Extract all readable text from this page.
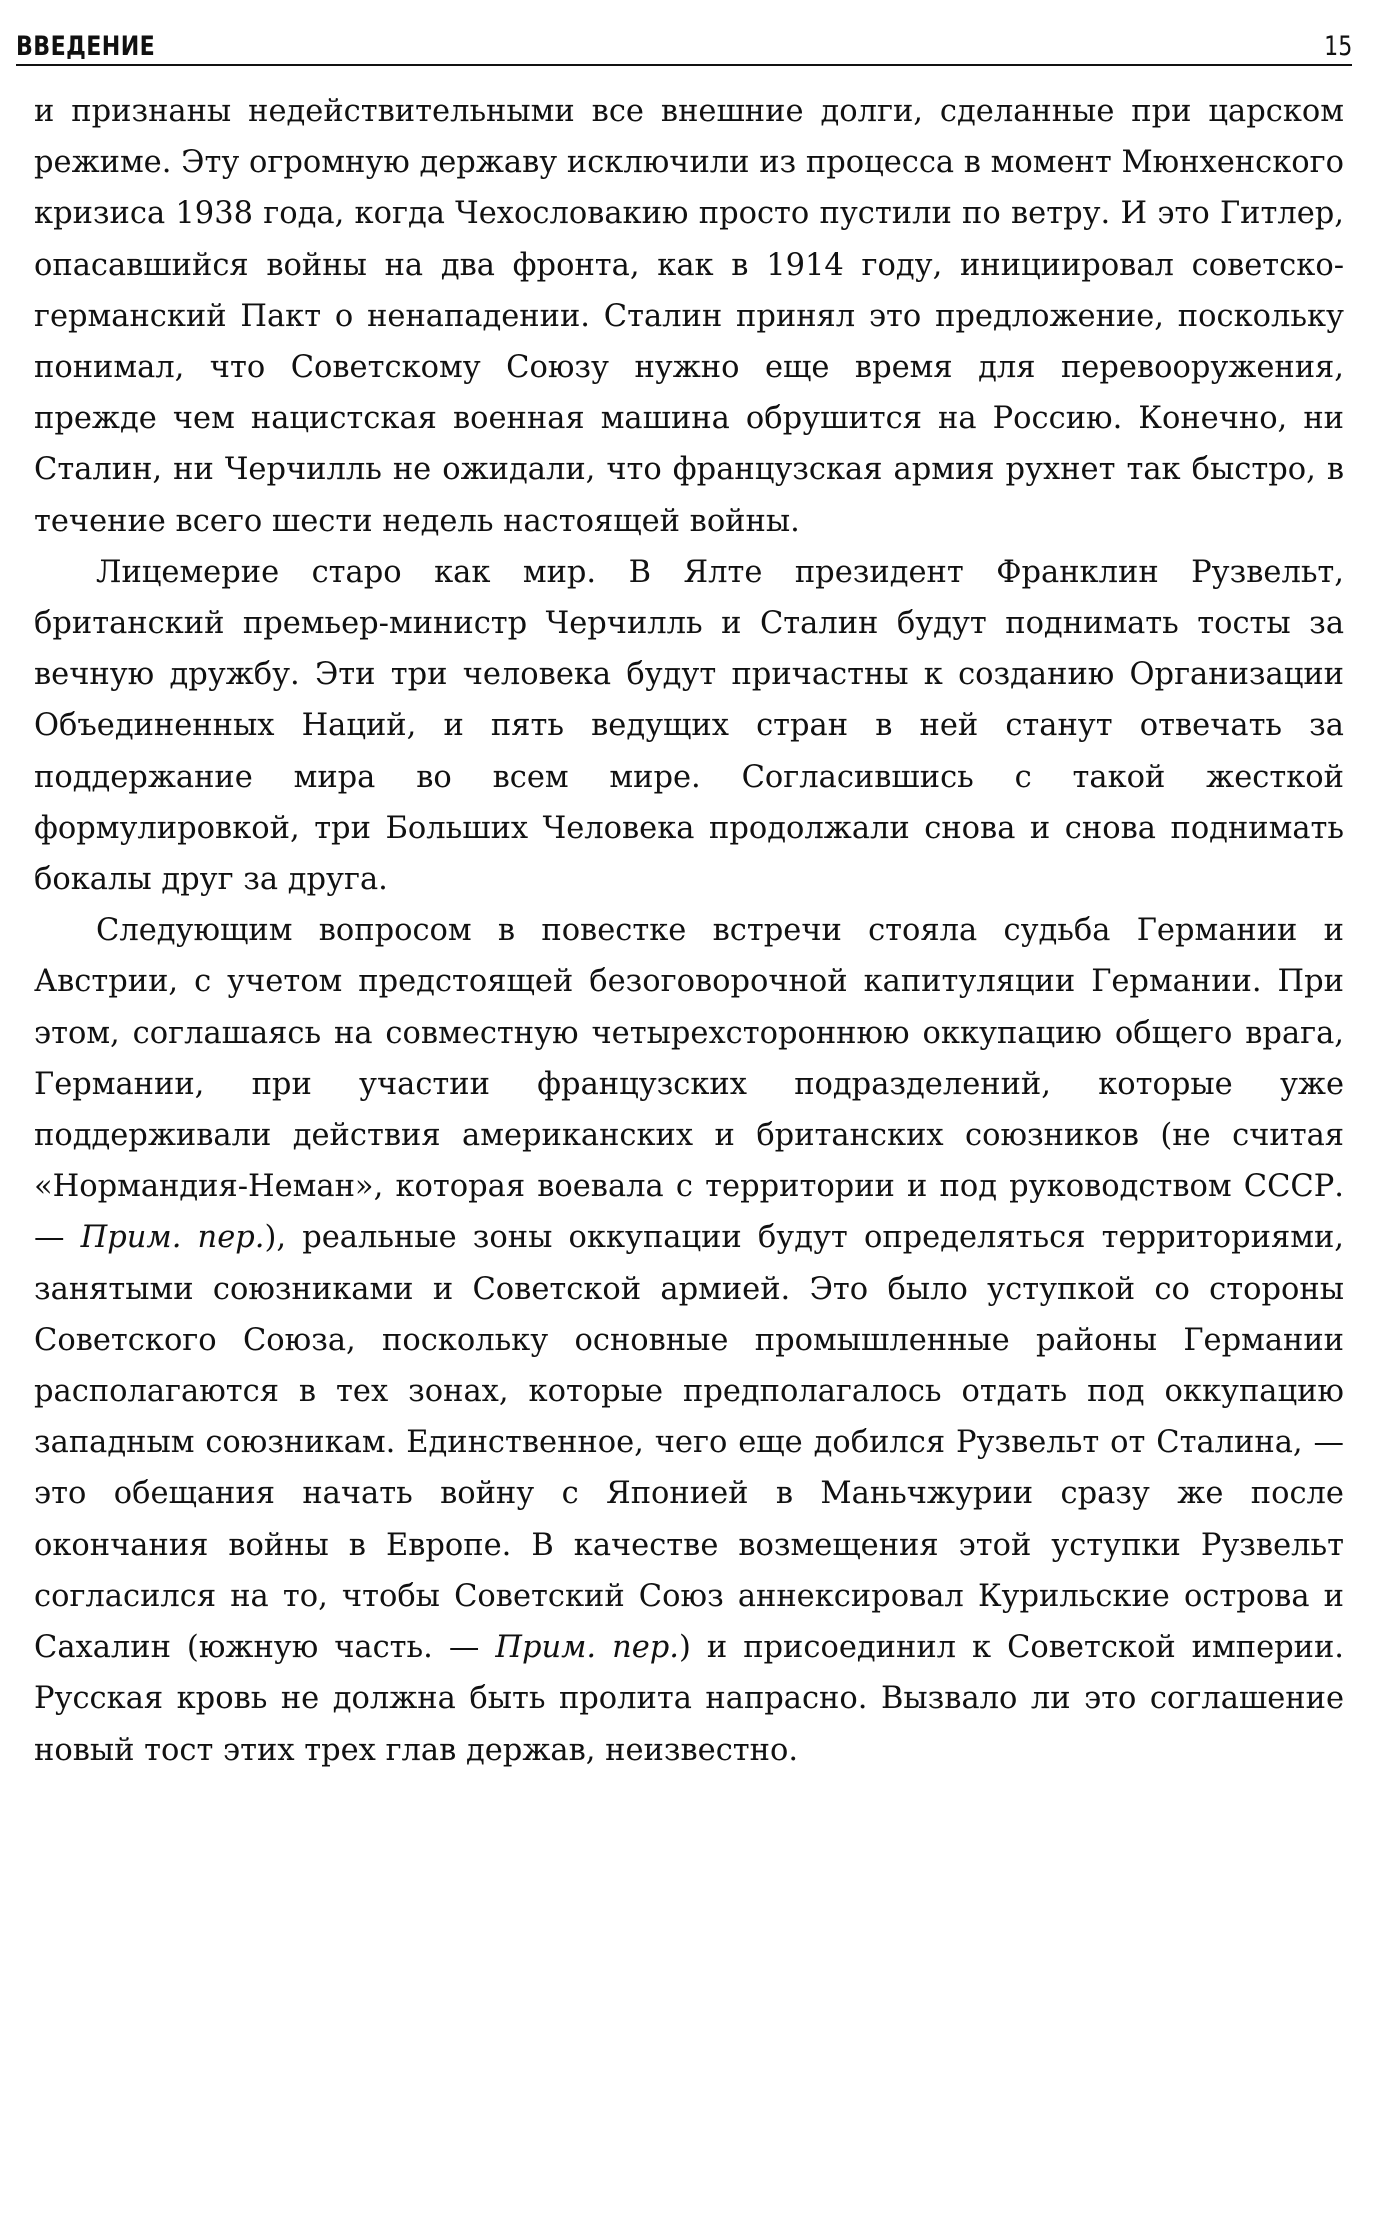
ВВЕДЕНИЕ	15

и признаны недействительными все внешние долги, сделанные при царском режиме. Эту огромную державу исключили из процесса в момент Мюнхенского кризиса 1938 года, когда Чехословакию просто пустили по ветру. И это Гитлер, опасавшийся войны на два фронта, как в 1914 году, инициировал советско-германский Пакт о ненападении. Сталин принял это предложение, поскольку понимал, что Советскому Союзу нужно еще время для перевооружения, прежде чем нацистская военная машина обрушится на Россию. Конечно, ни Сталин, ни Черчилль не ожидали, что французская армия рухнет так быстро, в течение всего шести недель настоящей войны.

Лицемерие старо как мир. В Ялте президент Франклин Рузвельт, британский премьер-министр Черчилль и Сталин будут поднимать тосты за вечную дружбу. Эти три человека будут причастны к созданию Организации Объединенных Наций, и пять ведущих стран в ней станут отвечать за поддержание мира во всем мире. Согласившись с такой жесткой формулировкой, три Больших Человека продолжали снова и снова поднимать бокалы друг за друга.

Следующим вопросом в повестке встречи стояла судьба Германии и Австрии, с учетом предстоящей безоговорочной капитуляции Германии. При этом, соглашаясь на совместную четырехстороннюю оккупацию общего врага, Германии, при участии французских подразделений, которые уже поддерживали действия американских и британских союзников (не считая «Нормандия-Неман», которая воевала с территории и под руководством СССР. — Прим. пер.), реальные зоны оккупации будут определяться территориями, занятыми союзниками и Советской армией. Это было уступкой со стороны Советского Союза, поскольку основные промышленные районы Германии располагаются в тех зонах, которые предполагалось отдать под оккупацию западным союзникам. Единственное, чего еще добился Рузвельт от Сталина, — это обещания начать войну с Японией в Маньчжурии сразу же после окончания войны в Европе. В качестве возмещения этой уступки Рузвельт согласился на то, чтобы Советский Союз аннексировал Курильские острова и Сахалин (южную часть. — Прим. пер.) и присоединил к Советской империи. Русская кровь не должна быть пролита напрасно. Вызвало ли это соглашение новый тост этих трех глав держав, неизвестно.
